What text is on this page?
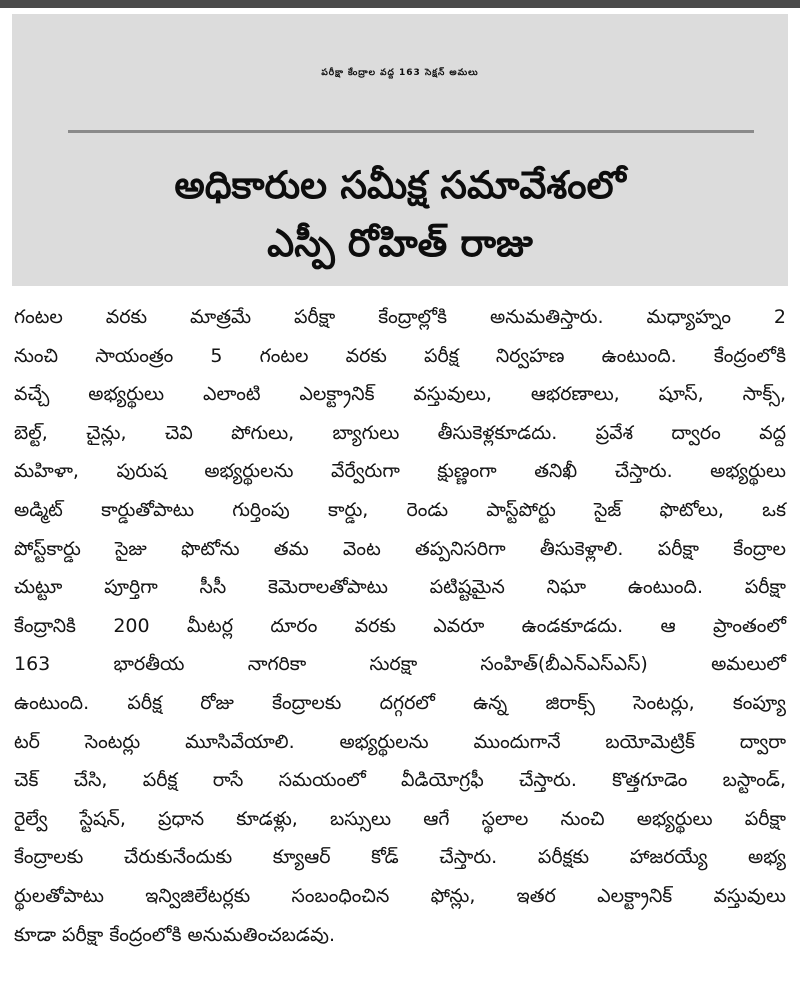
పరీక్షా కేంద్రాల వద్ద 163 సెక్షన్ అమలు
అధికారుల సమీక్ష సమావేశంలో
ఎస్పీ రోహిత్ రాజు
గంటల వరకు మాత్రమే పరీక్షా కేంద్రాల్లోకి అనుమతిస్తారు. మధ్యాహ్నం 2
నుంచి సాయంత్రం 5 గంటల వరకు పరీక్ష నిర్వహణ ఉంటుంది. కేంద్రంలోకి
వచ్చే అభ్యర్థులు ఎలాంటి ఎలక్ట్రానిక్ వస్తువులు, ఆభరణాలు, షూస్, సాక్స్,
బెల్ట్, చైన్లు, చెవి పోగులు, బ్యాగులు తీసుకెళ్లకూడదు. ప్రవేశ ద్వారం వద్ద
మహిళా, పురుష అభ్యర్థులను వేర్వేరుగా క్షుణ్ణంగా తనిఖీ చేస్తారు. అభ్యర్థులు
అడ్మిట్ కార్డుతోపాటు గుర్తింపు కార్డు, రెండు పాస్ట్‌పోర్టు సైజ్ ఫొటోలు, ఒక
పోస్ట్‌కార్డు సైజు ఫొటోను తమ వెంట తప్పనిసరిగా తీసుకెళ్లాలి. పరీక్షా కేంద్రాల
చుట్టూ పూర్తిగా సీసీ కెమెరాలతోపాటు పటిష్టమైన నిఘా ఉంటుంది. పరీక్షా
కేంద్రానికి 200 మీటర్ల దూరం వరకు ఎవరూ ఉండకూడదు. ఆ ప్రాంతంలో
163 భారతీయ నాగరికా సురక్షా సంహిత్(బీఎన్ఎస్ఎస్) అమలులో
ఉంటుంది. పరీక్ష రోజు కేంద్రాలకు దగ్గరలో ఉన్న జిరాక్స్ సెంటర్లు, కంప్యూ
టర్ సెంటర్లు మూసివేయాలి. అభ్యర్థులను ముందుగానే బయోమెట్రిక్ ద్వారా
చెక్ చేసి, పరీక్ష రాసే సమయంలో వీడియోగ్రఫీ చేస్తారు. కొత్తగూడెం బస్టాండ్,
రైల్వే స్టేషన్, ప్రధాన కూడళ్లు, బస్సులు ఆగే స్థలాల నుంచి అభ్యర్థులు పరీక్షా
కేంద్రాలకు చేరుకునేందుకు క్యూఆర్ కోడ్ చేస్తారు. పరీక్షకు హాజరయ్యే అభ్య
ర్థులతోపాటు ఇన్విజిలేటర్లకు సంబంధించిన ఫోన్లు, ఇతర ఎలక్ట్రానిక్ వస్తువులు
కూడా పరీక్షా కేంద్రంలోకి అనుమతించబడవు.
